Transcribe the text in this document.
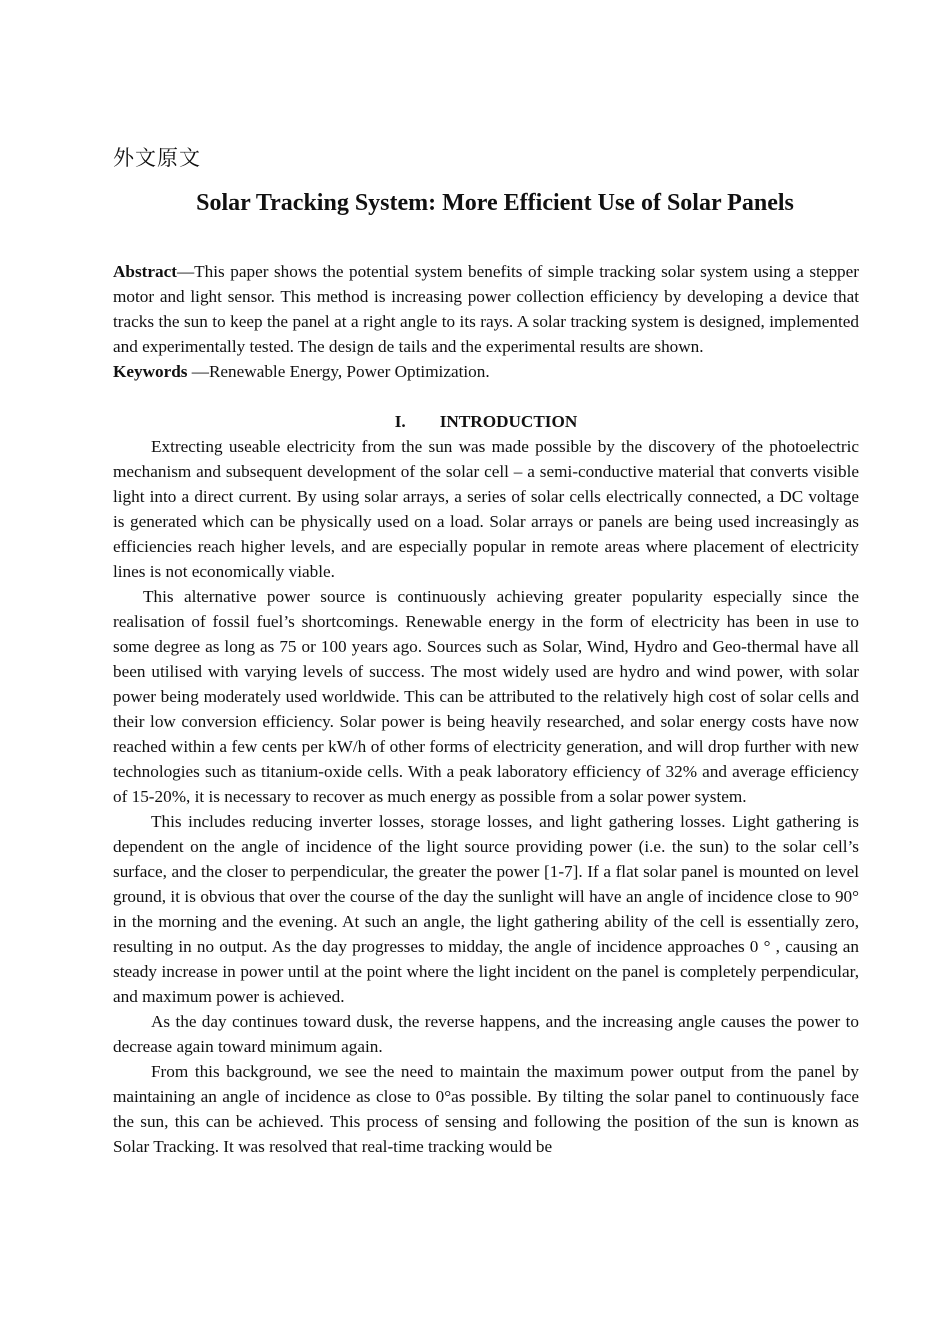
外文原文
Solar Tracking System: More Efficient Use of Solar Panels

Abstract—This paper shows the potential system benefits of simple tracking solar system using a stepper motor and light sensor. This method is increasing power collection efficiency by developing a device that tracks the sun to keep the panel at a right angle to its rays. A solar tracking system is designed, implemented and experimentally tested. The design de tails and the experimental results are shown.

Keywords —Renewable Energy, Power Optimization.

I. INTRODUCTION

Extrecting useable electricity from the sun was made possible by the discovery of the photoelectric mechanism and subsequent development of the solar cell – a semi-conductive material that converts visible light into a direct current. By using solar arrays, a series of solar cells electrically connected, a DC voltage is generated which can be physically used on a load. Solar arrays or panels are being used increasingly as efficiencies reach higher levels, and are especially popular in remote areas where placement of electricity lines is not economically viable.

This alternative power source is continuously achieving greater popularity especially since the realisation of fossil fuel’s shortcomings. Renewable energy in the form of electricity has been in use to some degree as long as 75 or 100 years ago. Sources such as Solar, Wind, Hydro and Geo-thermal have all been utilised with varying levels of success. The most widely used are hydro and wind power, with solar power being moderately used worldwide. This can be attributed to the relatively high cost of solar cells and their low conversion efficiency. Solar power is being heavily researched, and solar energy costs have now reached within a few cents per kW/h of other forms of electricity generation, and will drop further with new technologies such as titanium-oxide cells. With a peak laboratory efficiency of 32% and average efficiency of 15-20%, it is necessary to recover as much energy as possible from a solar power system.

This includes reducing inverter losses, storage losses, and light gathering losses. Light gathering is dependent on the angle of incidence of the light source providing power (i.e. the sun) to the solar cell’s surface, and the closer to perpendicular, the greater the power [1-7]. If a flat solar panel is mounted on level ground, it is obvious that over the course of the day the sunlight will have an angle of incidence close to 90° in the morning and the evening. At such an angle, the light gathering ability of the cell is essentially zero, resulting in no output. As the day progresses to midday, the angle of incidence approaches 0 ° , causing an steady increase in power until at the point where the light incident on the panel is completely perpendicular, and maximum power is achieved.

As the day continues toward dusk, the reverse happens, and the increasing angle causes the power to decrease again toward minimum again.

From this background, we see the need to maintain the maximum power output from the panel by maintaining an angle of incidence as close to 0°as possible. By tilting the solar panel to continuously face the sun, this can be achieved. This process of sensing and following the position of the sun is known as Solar Tracking. It was resolved that real-time tracking would be
